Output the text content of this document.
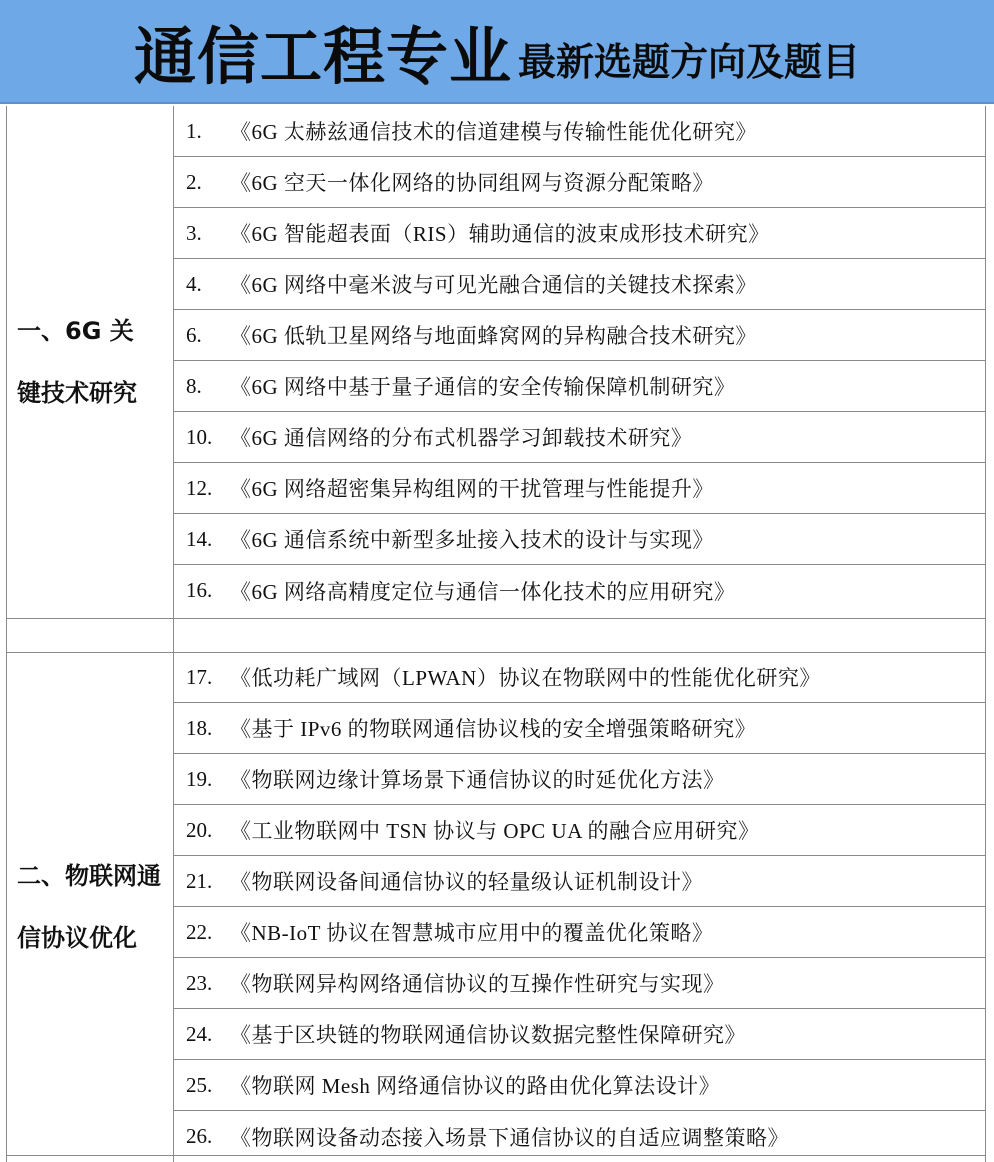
通信工程专业 最新选题方向及题目
一、6G 关键技术研究
1.	《6G 太赫兹通信技术的信道建模与传输性能优化研究》
2.	《6G 空天一体化网络的协同组网与资源分配策略》
3.	《6G 智能超表面（RIS）辅助通信的波束成形技术研究》
4.	《6G 网络中毫米波与可见光融合通信的关键技术探索》
6.	《6G 低轨卫星网络与地面蜂窝网的异构融合技术研究》
8.	《6G 网络中基于量子通信的安全传输保障机制研究》
10. 《6G 通信网络的分布式机器学习卸载技术研究》
12. 《6G 网络超密集异构组网的干扰管理与性能提升》
14. 《6G 通信系统中新型多址接入技术的设计与实现》
16. 《6G 网络高精度定位与通信一体化技术的应用研究》
二、物联网通信协议优化
17. 《低功耗广域网（LPWAN）协议在物联网中的性能优化研究》
18. 《基于 IPv6 的物联网通信协议栈的安全增强策略研究》
19. 《物联网边缘计算场景下通信协议的时延优化方法》
20. 《工业物联网中 TSN 协议与 OPC UA 的融合应用研究》
21. 《物联网设备间通信协议的轻量级认证机制设计》
22. 《NB-IoT 协议在智慧城市应用中的覆盖优化策略》
23. 《物联网异构网络通信协议的互操作性研究与实现》
24. 《基于区块链的物联网通信协议数据完整性保障研究》
25. 《物联网 Mesh 网络通信协议的路由优化算法设计》
26. 《物联网设备动态接入场景下通信协议的自适应调整策略》
